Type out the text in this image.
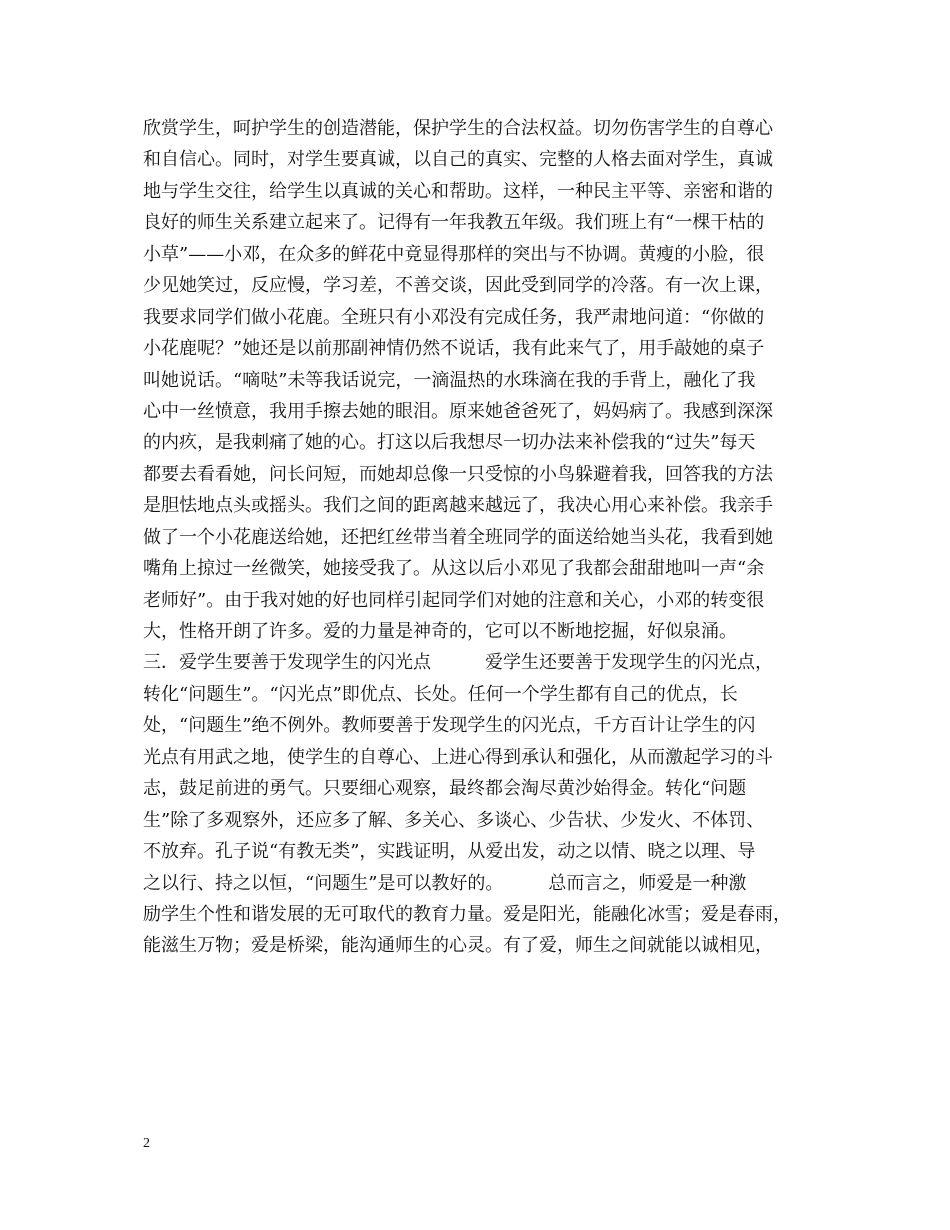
欣赏学生，呵护学生的创造潜能，保护学生的合法权益。切勿伤害学生的自尊心
和自信心。同时，对学生要真诚，以自己的真实、完整的人格去面对学生，真诚
地与学生交往，给学生以真诚的关心和帮助。这样，一种民主平等、亲密和谐的
良好的师生关系建立起来了。记得有一年我教五年级。我们班上有“一棵干枯的
小草”——小邓，在众多的鲜花中竟显得那样的突出与不协调。黄瘦的小脸，很
少见她笑过，反应慢，学习差，不善交谈，因此受到同学的冷落。有一次上课，
我要求同学们做小花鹿。全班只有小邓没有完成任务，我严肃地问道：“你做的
小花鹿呢？”她还是以前那副神情仍然不说话，我有此来气了，用手敲她的桌子
叫她说话。“嘀哒”未等我话说完，一滴温热的水珠滴在我的手背上，融化了我
心中一丝愤意，我用手擦去她的眼泪。原来她爸爸死了，妈妈病了。我感到深深
的内疚，是我刺痛了她的心。打这以后我想尽一切办法来补偿我的“过失”每天
都要去看看她，问长问短，而她却总像一只受惊的小鸟躲避着我，回答我的方法
是胆怯地点头或摇头。我们之间的距离越来越远了，我决心用心来补偿。我亲手
做了一个小花鹿送给她，还把红丝带当着全班同学的面送给她当头花，我看到她
嘴角上掠过一丝微笑，她接受我了。从这以后小邓见了我都会甜甜地叫一声“余
老师好”。由于我对她的好也同样引起同学们对她的注意和关心，小邓的转变很
大，性格开朗了许多。爱的力量是神奇的，它可以不断地挖掘，好似泉涌。
三．爱学生要善于发现学生的闪光点　　　爱学生还要善于发现学生的闪光点，
转化“问题生”。“闪光点”即优点、长处。任何一个学生都有自己的优点，长
处，“问题生”绝不例外。教师要善于发现学生的闪光点，千方百计让学生的闪
光点有用武之地，使学生的自尊心、上进心得到承认和强化，从而激起学习的斗
志，鼓足前进的勇气。只要细心观察，最终都会淘尽黄沙始得金。转化“问题
生”除了多观察外，还应多了解、多关心、多谈心、少告状、少发火、不体罚、
不放弃。孔子说“有教无类”，实践证明，从爱出发，动之以情、晓之以理、导
之以行、持之以恒，“问题生”是可以教好的。　　　总而言之，师爱是一种激
励学生个性和谐发展的无可取代的教育力量。爱是阳光，能融化冰雪；爱是春雨，
能滋生万物；爱是桥梁，能沟通师生的心灵。有了爱，师生之间就能以诚相见，
2
